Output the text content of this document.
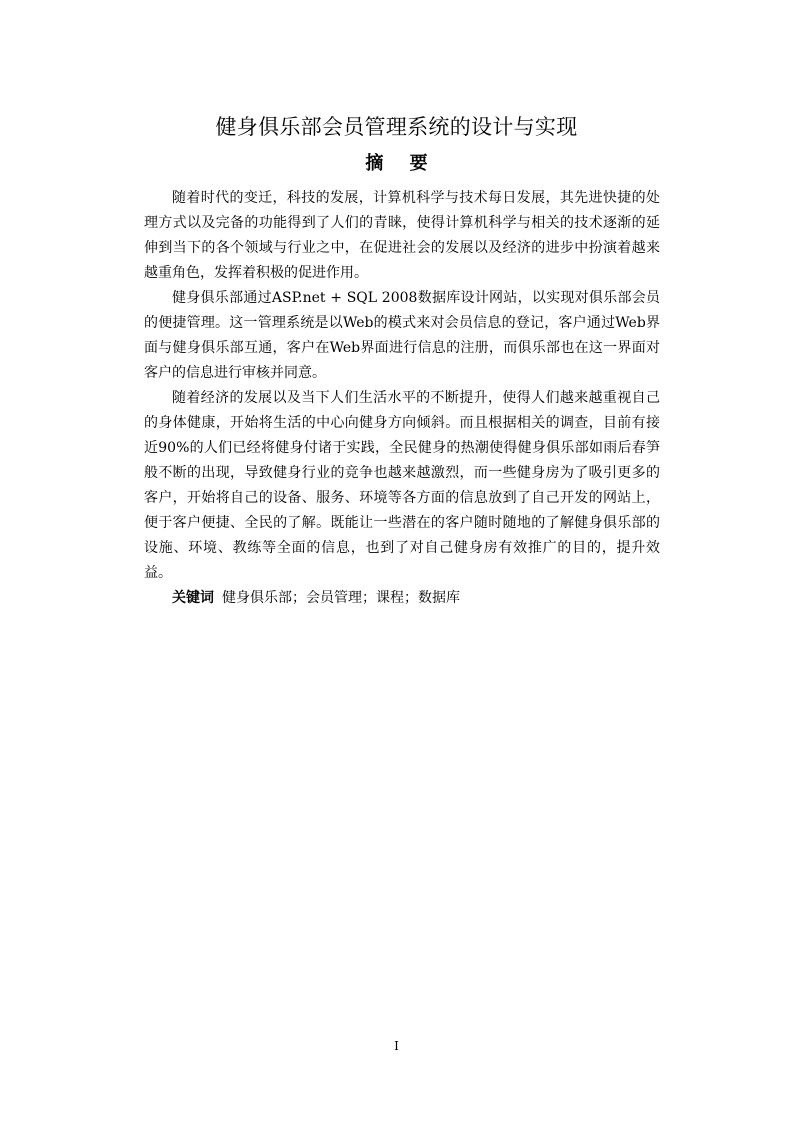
健身俱乐部会员管理系统的设计与实现
摘 要

随着时代的变迁，科技的发展，计算机科学与技术每日发展，其先进快捷的处理方式以及完备的功能得到了人们的青睐，使得计算机科学与相关的技术逐渐的延伸到当下的各个领域与行业之中，在促进社会的发展以及经济的进步中扮演着越来越重角色，发挥着积极的促进作用。

健身俱乐部通过ASP.net + SQL 2008数据库设计网站，以实现对俱乐部会员的便捷管理。这一管理系统是以Web的模式来对会员信息的登记，客户通过Web界面与健身俱乐部互通，客户在Web界面进行信息的注册，而俱乐部也在这一界面对客户的信息进行审核并同意。

随着经济的发展以及当下人们生活水平的不断提升，使得人们越来越重视自己的身体健康，开始将生活的中心向健身方向倾斜。而且根据相关的调查，目前有接近90%的人们已经将健身付诸于实践，全民健身的热潮使得健身俱乐部如雨后春笋般不断的出现，导致健身行业的竞争也越来越激烈，而一些健身房为了吸引更多的客户，开始将自己的设备、服务、环境等各方面的信息放到了自己开发的网站上，便于客户便捷、全民的了解。既能让一些潜在的客户随时随地的了解健身俱乐部的设施、环境、教练等全面的信息，也到了对自己健身房有效推广的目的，提升效益。

关键词 健身俱乐部；会员管理；课程；数据库

I
